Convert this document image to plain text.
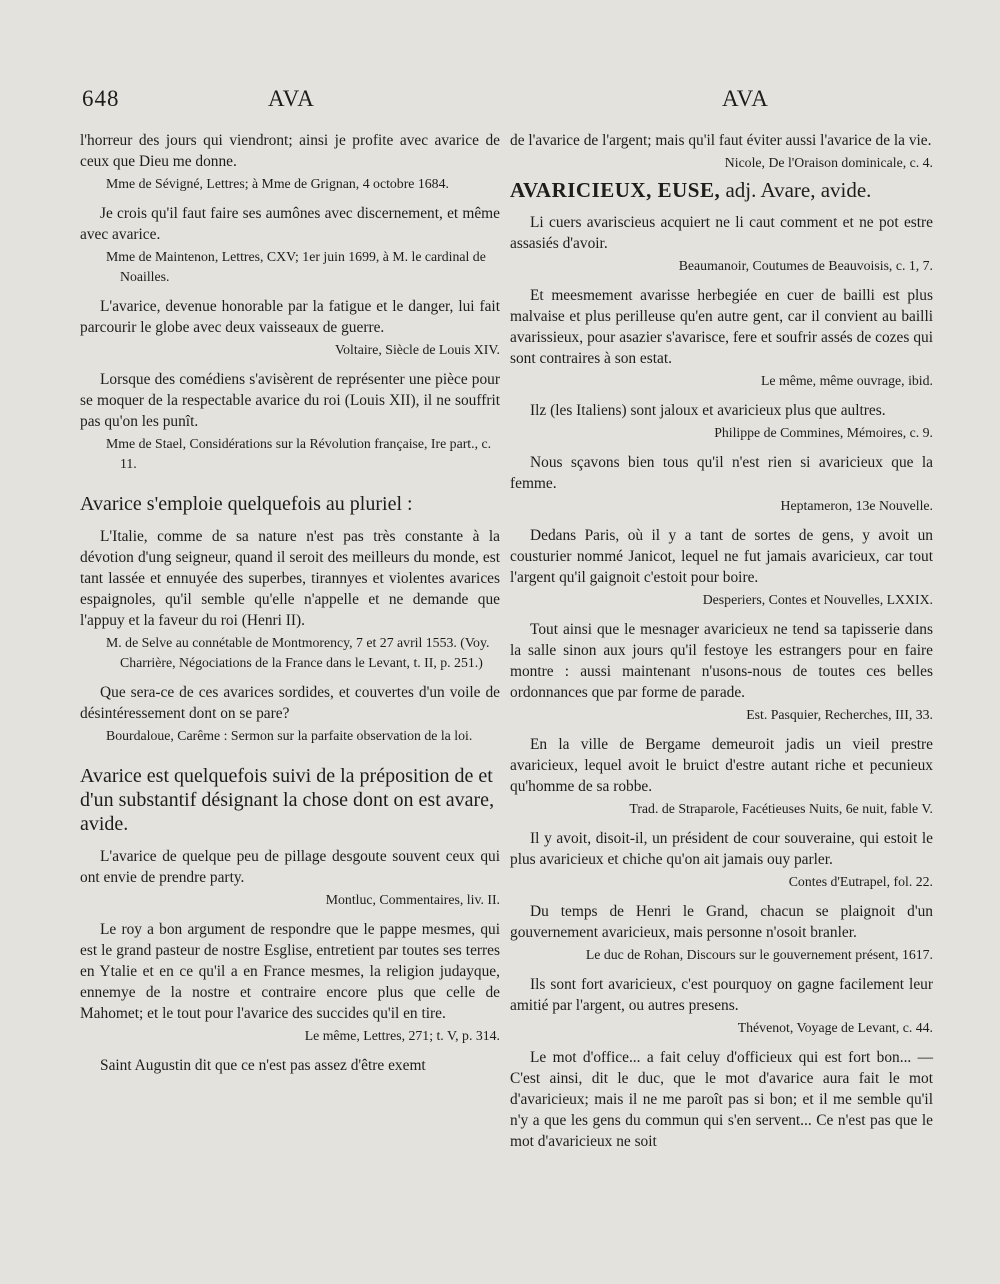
648	AVA	AVA

l'horreur des jours qui viendront; ainsi je profite avec avarice de ceux que Dieu me donne.

Mme de Sévigné, Lettres; à Mme de Grignan, 4 octobre 1684.

Je crois qu'il faut faire ses aumônes avec discernement, et même avec avarice.

Mme de Maintenon, Lettres, CXV; 1er juin 1699, à M. le cardinal de Noailles.

L'avarice, devenue honorable par la fatigue et le danger, lui fait parcourir le globe avec deux vaisseaux de guerre.

Voltaire, Siècle de Louis XIV.

Lorsque des comédiens s'avisèrent de représenter une pièce pour se moquer de la respectable avarice du roi (Louis XII), il ne souffrit pas qu'on les punît.

Mme de Stael, Considérations sur la Révolution française, Ire part., c. 11.

Avarice s'emploie quelquefois au pluriel :

L'Italie, comme de sa nature n'est pas très constante à la dévotion d'ung seigneur, quand il seroit des meilleurs du monde, est tant lassée et ennuyée des superbes, tirannyes et violentes avarices espaignoles, qu'il semble qu'elle n'appelle et ne demande que l'appuy et la faveur du roi (Henri II).

M. de Selve au connétable de Montmorency, 7 et 27 avril 1553. (Voy. Charrière, Négociations de la France dans le Levant, t. II, p. 251.)

Que sera-ce de ces avarices sordides, et couvertes d'un voile de désintéressement dont on se pare?

Bourdaloue, Carême : Sermon sur la parfaite observation de la loi.

Avarice est quelquefois suivi de la préposition de et d'un substantif désignant la chose dont on est avare, avide.

L'avarice de quelque peu de pillage desgoute souvent ceux qui ont envie de prendre party.

Montluc, Commentaires, liv. II.

Le roy a bon argument de respondre que le pappe mesmes, qui est le grand pasteur de nostre Esglise, entretient par toutes ses terres en Ytalie et en ce qu'il a en France mesmes, la religion judayque, ennemye de la nostre et contraire encore plus que celle de Mahomet; et le tout pour l'avarice des succides qu'il en tire.

Le même, Lettres, 271; t. V, p. 314.

Saint Augustin dit que ce n'est pas assez d'être exemt

de l'avarice de l'argent; mais qu'il faut éviter aussi l'avarice de la vie.

Nicole, De l'Oraison dominicale, c. 4.

AVARICIEUX, EUSE, adj. Avare, avide.

Li cuers avariscieus acquiert ne li caut comment et ne pot estre assasiés d'avoir.

Beaumanoir, Coutumes de Beauvoisis, c. 1, 7.

Et meesmement avarisse herbegiée en cuer de bailli est plus malvaise et plus perilleuse qu'en autre gent, car il convient au bailli avarissieux, pour asazier s'avarisce, fere et soufrir assés de cozes qui sont contraires à son estat.

Le même, même ouvrage, ibid.

Ilz (les Italiens) sont jaloux et avaricieux plus que aultres.

Philippe de Commines, Mémoires, c. 9.

Nous sçavons bien tous qu'il n'est rien si avaricieux que la femme.

Heptameron, 13e Nouvelle.

Dedans Paris, où il y a tant de sortes de gens, y avoit un cousturier nommé Janicot, lequel ne fut jamais avaricieux, car tout l'argent qu'il gaignoit c'estoit pour boire.

Desperiers, Contes et Nouvelles, LXXIX.

Tout ainsi que le mesnager avaricieux ne tend sa tapisserie dans la salle sinon aux jours qu'il festoye les estrangers pour en faire montre : aussi maintenant n'usons-nous de toutes ces belles ordonnances que par forme de parade.

Est. Pasquier, Recherches, III, 33.

En la ville de Bergame demeuroit jadis un vieil prestre avaricieux, lequel avoit le bruict d'estre autant riche et pecunieux qu'homme de sa robbe.

Trad. de Straparole, Facétieuses Nuits, 6e nuit, fable V.

Il y avoit, disoit-il, un président de cour souveraine, qui estoit le plus avaricieux et chiche qu'on ait jamais ouy parler.

Contes d'Eutrapel, fol. 22.

Du temps de Henri le Grand, chacun se plaignoit d'un gouvernement avaricieux, mais personne n'osoit branler.

Le duc de Rohan, Discours sur le gouvernement présent, 1617.

Ils sont fort avaricieux, c'est pourquoy on gagne facilement leur amitié par l'argent, ou autres presens.

Thévenot, Voyage de Levant, c. 44.

Le mot d'office... a fait celuy d'officieux qui est fort bon... — C'est ainsi, dit le duc, que le mot d'avarice aura fait le mot d'avaricieux; mais il ne me paroît pas si bon; et il me semble qu'il n'y a que les gens du commun qui s'en servent... Ce n'est pas que le mot d'avaricieux ne soit
